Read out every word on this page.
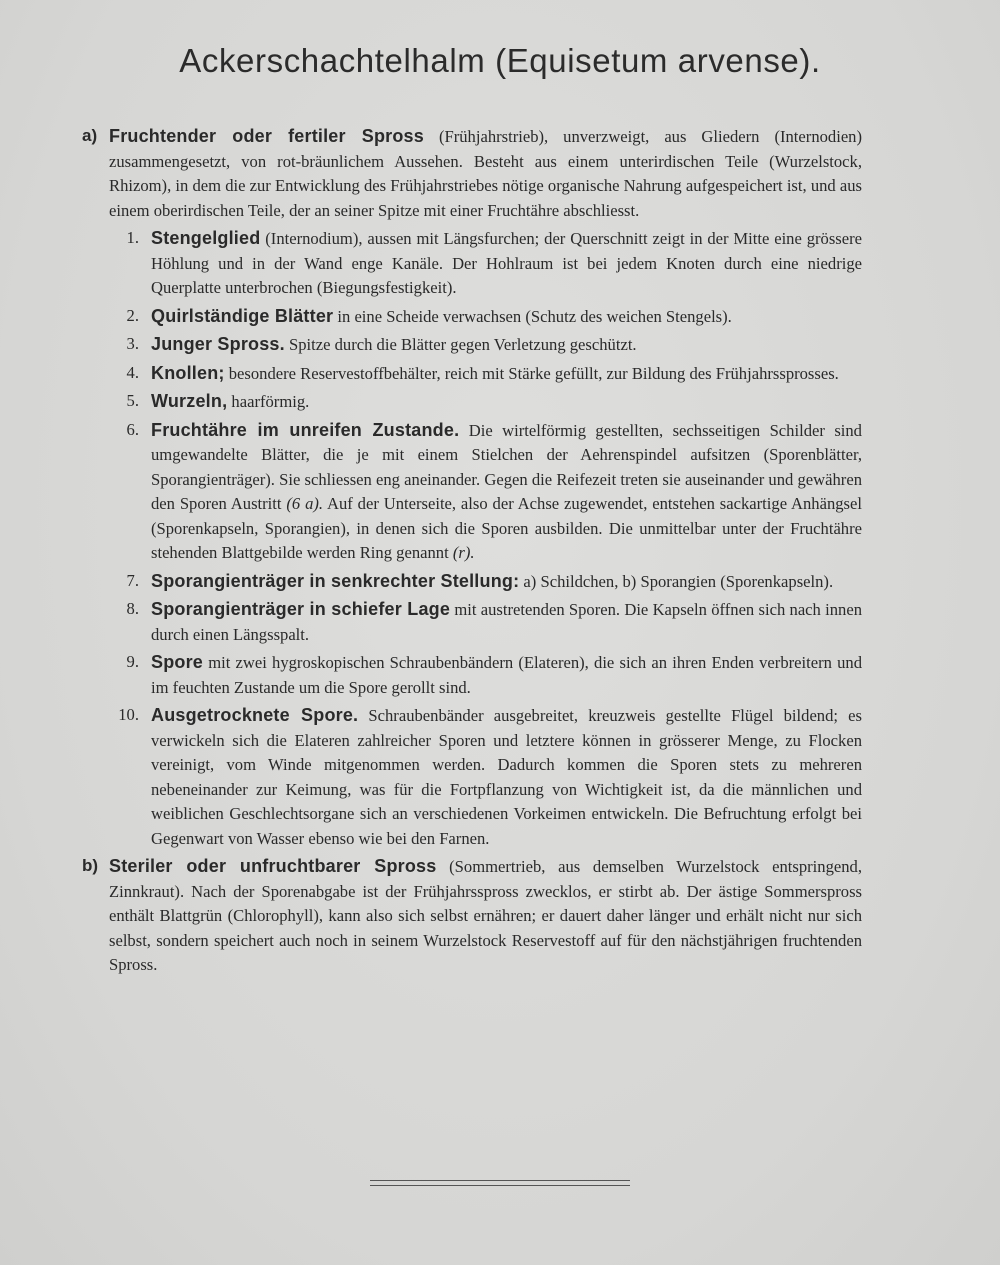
Ackerschachtelhalm (Equisetum arvense).
a) Fruchtender oder fertiler Spross (Frühjahrstrieb), unverzweigt, aus Gliedern (Internodien) zusammengesetzt, von rot-bräunlichem Aussehen. Besteht aus einem unterirdischen Teile (Wurzelstock, Rhizom), in dem die zur Entwicklung des Frühjahrstriebes nötige organische Nahrung aufgespeichert ist, und aus einem oberirdischen Teile, der an seiner Spitze mit einer Fruchtähre abschliesst.
1. Stengelglied (Internodium), aussen mit Längsfurchen; der Querschnitt zeigt in der Mitte eine grössere Höhlung und in der Wand enge Kanäle. Der Hohlraum ist bei jedem Knoten durch eine niedrige Querplatte unterbrochen (Biegungsfestigkeit).
2. Quirlständige Blätter in eine Scheide verwachsen (Schutz des weichen Stengels).
3. Junger Spross. Spitze durch die Blätter gegen Verletzung geschützt.
4. Knollen; besondere Reservestoffbehälter, reich mit Stärke gefüllt, zur Bildung des Frühjahrssprosses.
5. Wurzeln, haarförmig.
6. Fruchtähre im unreifen Zustande. Die wirtelförmig gestellten, sechsseitigen Schilder sind umgewandelte Blätter, die je mit einem Stielchen der Aehrenspindel aufsitzen (Sporenblätter, Sporangienträger). Sie schliessen eng aneinander. Gegen die Reifezeit treten sie auseinander und gewähren den Sporen Austritt (6 a). Auf der Unterseite, also der Achse zugewendet, entstehen sackartige Anhängsel (Sporenkapseln, Sporangien), in denen sich die Sporen ausbilden. Die unmittelbar unter der Fruchtähre stehenden Blattgebilde werden Ring genannt (r).
7. Sporangienträger in senkrechter Stellung: a) Schildchen, b) Sporangien (Sporenkapseln).
8. Sporangienträger in schiefer Lage mit austretenden Sporen. Die Kapseln öffnen sich nach innen durch einen Längsspalt.
9. Spore mit zwei hygroskopischen Schraubenbändern (Elateren), die sich an ihren Enden verbreitern und im feuchten Zustande um die Spore gerollt sind.
10. Ausgetrocknete Spore. Schraubenbänder ausgebreitet, kreuzweis gestellte Flügel bildend; es verwickeln sich die Elateren zahlreicher Sporen und letztere können in grösserer Menge, zu Flocken vereinigt, vom Winde mitgenommen werden. Dadurch kommen die Sporen stets zu mehreren nebeneinander zur Keimung, was für die Fortpflanzung von Wichtigkeit ist, da die männlichen und weiblichen Geschlechtsorgane sich an verschiedenen Vorkeimen entwickeln. Die Befruchtung erfolgt bei Gegenwart von Wasser ebenso wie bei den Farnen.
b) Steriler oder unfruchtbarer Spross (Sommertrieb, aus demselben Wurzelstock entspringend, Zinnkraut). Nach der Sporenabgabe ist der Frühjahrsspross zwecklos, er stirbt ab. Der ästige Sommerspross enthält Blattgrün (Chlorophyll), kann also sich selbst ernähren; er dauert daher länger und erhält nicht nur sich selbst, sondern speichert auch noch in seinem Wurzelstock Reservestoff auf für den nächstjährigen fruchtenden Spross.
